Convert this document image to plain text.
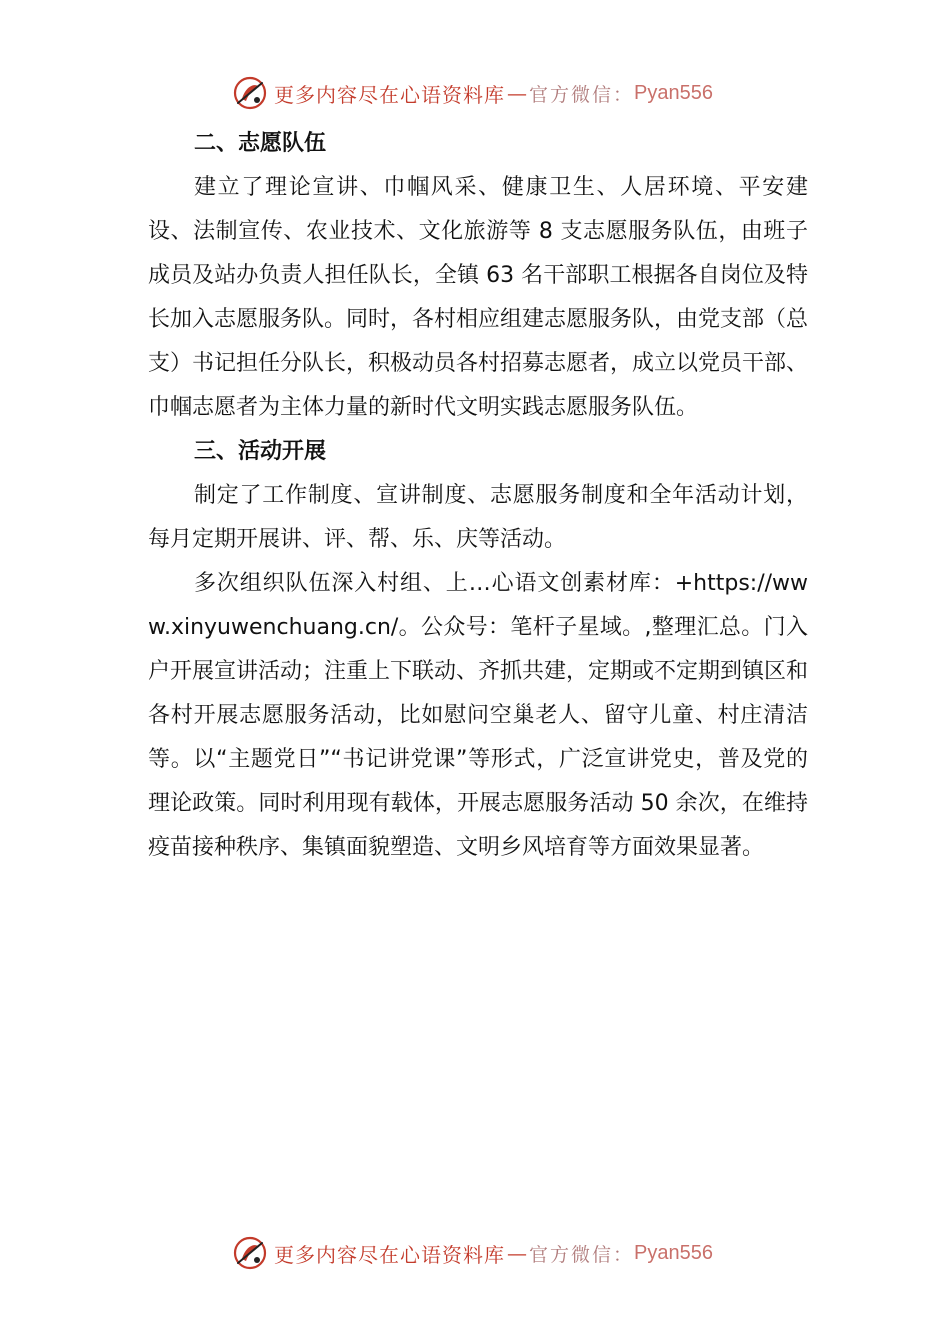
更多内容尽在心语资料库 — 官方微信： Pyan556

二、志愿队伍

建立了理论宣讲、巾帼风采、健康卫生、人居环境、平安建设、法制宣传、农业技术、文化旅游等 8 支志愿服务队伍，由班子成员及站办负责人担任队长，全镇 63 名干部职工根据各自岗位及特长加入志愿服务队。同时，各村相应组建志愿服务队，由党支部（总支）书记担任分队长，积极动员各村招募志愿者，成立以党员干部、巾帼志愿者为主体力量的新时代文明实践志愿服务队伍。

三、活动开展

制定了工作制度、宣讲制度、志愿服务制度和全年活动计划，每月定期开展讲、评、帮、乐、庆等活动。

多次组织队伍深入村组、上…心语文创素材库：+https://www.xinyuwenchuang.cn/。公众号：笔杆子星域。,整理汇总。门入户开展宣讲活动；注重上下联动、齐抓共建，定期或不定期到镇区和各村开展志愿服务活动，比如慰问空巢老人、留守儿童、村庄清洁等。以“主题党日”“书记讲党课”等形式，广泛宣讲党史，普及党的理论政策。同时利用现有载体，开展志愿服务活动 50 余次，在维持疫苗接种秩序、集镇面貌塑造、文明乡风培育等方面效果显著。

更多内容尽在心语资料库 — 官方微信： Pyan556
